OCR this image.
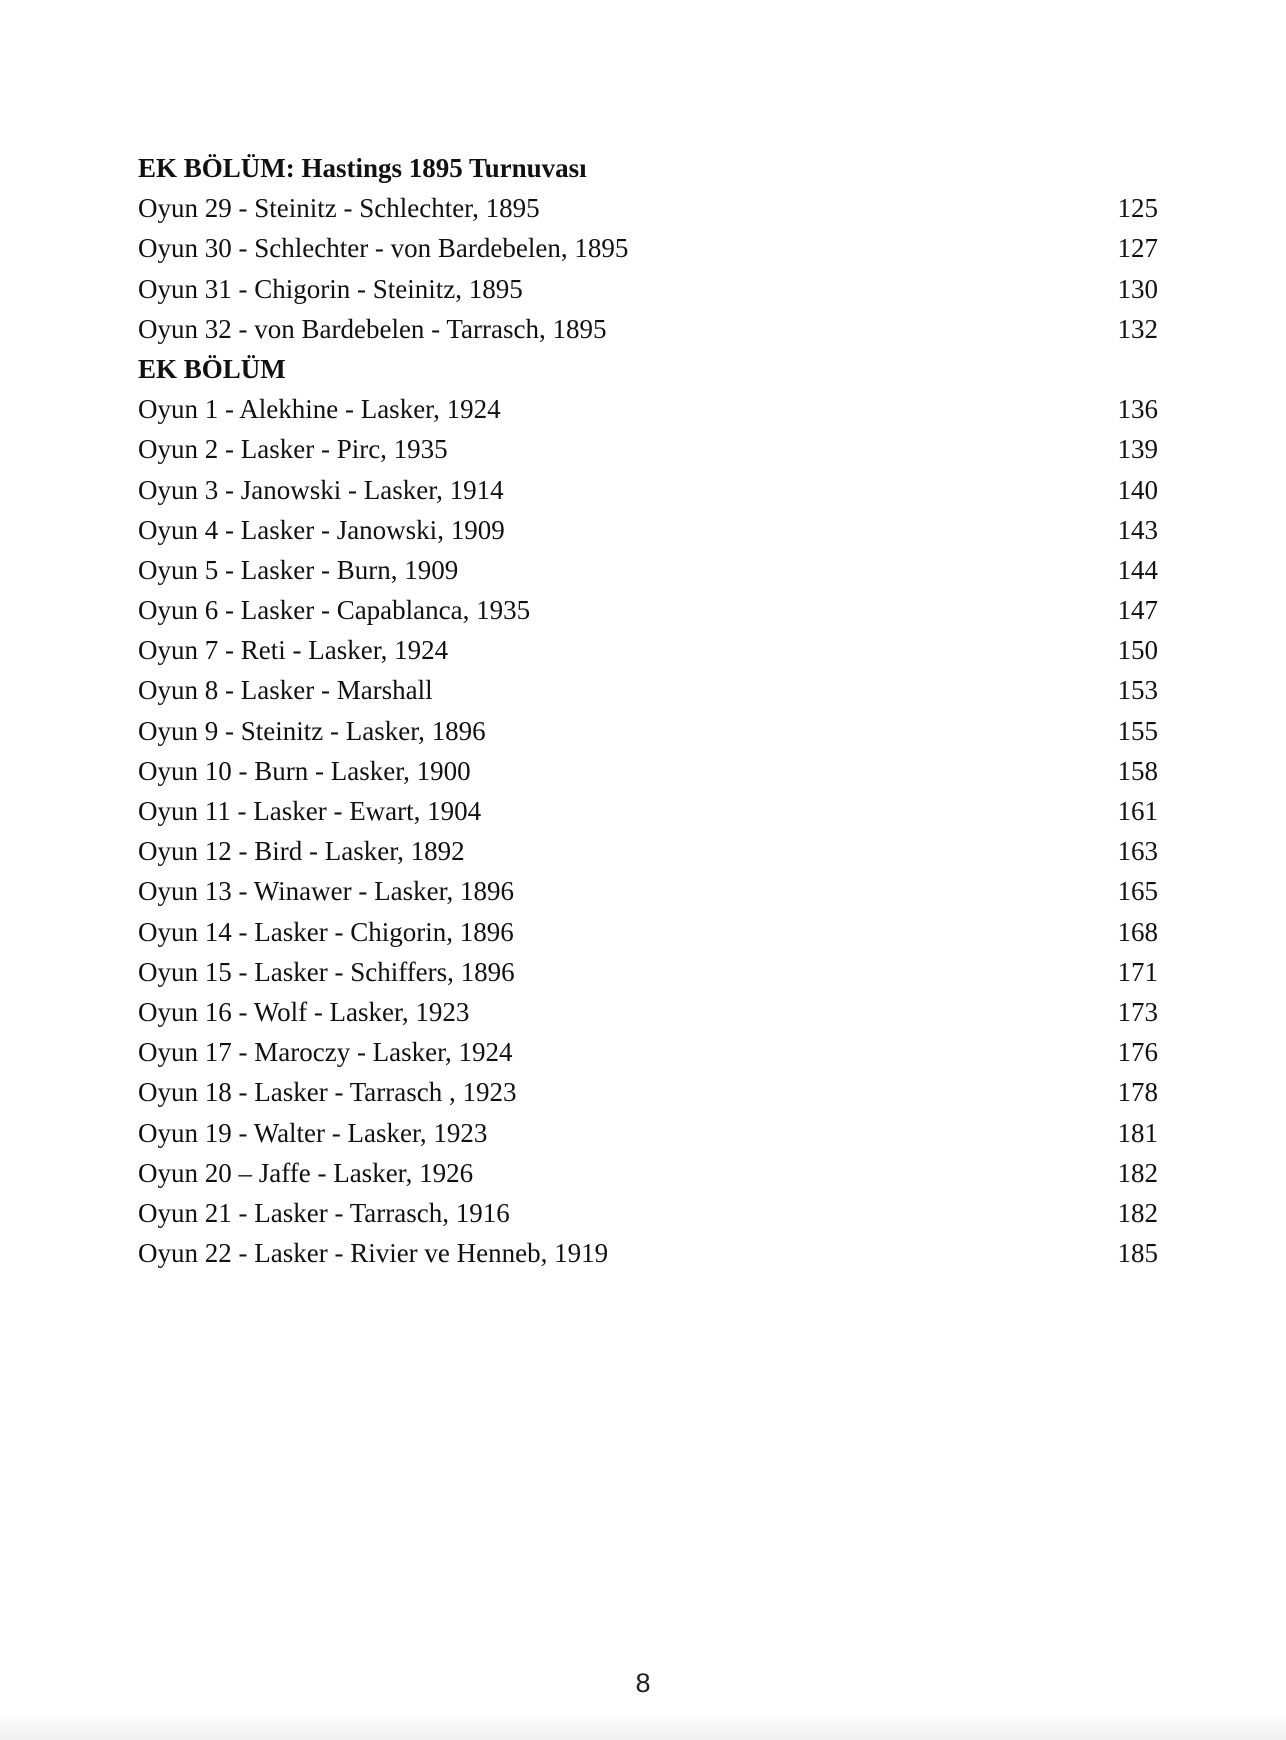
EK BÖLÜM: Hastings 1895 Turnuvası
Oyun 29 - Steinitz - Schlechter, 1895	125
Oyun 30 - Schlechter - von Bardebelen, 1895	127
Oyun 31 - Chigorin - Steinitz, 1895	130
Oyun 32 - von Bardebelen - Tarrasch, 1895	132
EK BÖLÜM
Oyun 1 - Alekhine - Lasker, 1924	136
Oyun 2 - Lasker - Pirc, 1935	139
Oyun 3 - Janowski - Lasker, 1914	140
Oyun 4 - Lasker - Janowski, 1909	143
Oyun 5 - Lasker - Burn, 1909	144
Oyun 6 - Lasker - Capablanca, 1935	147
Oyun 7 - Reti - Lasker, 1924	150
Oyun 8 - Lasker - Marshall	153
Oyun 9 - Steinitz - Lasker, 1896	155
Oyun 10 - Burn - Lasker, 1900	158
Oyun 11 - Lasker - Ewart, 1904	161
Oyun 12 - Bird - Lasker, 1892	163
Oyun 13 - Winawer - Lasker, 1896	165
Oyun 14 - Lasker - Chigorin, 1896	168
Oyun 15 - Lasker - Schiffers, 1896	171
Oyun 16 - Wolf - Lasker, 1923	173
Oyun 17 - Maroczy - Lasker, 1924	176
Oyun 18 - Lasker - Tarrasch , 1923	178
Oyun 19 - Walter - Lasker, 1923	181
Oyun 20 – Jaffe - Lasker, 1926	182
Oyun 21 - Lasker - Tarrasch, 1916	182
Oyun 22 - Lasker - Rivier ve Henneb, 1919	185
8
